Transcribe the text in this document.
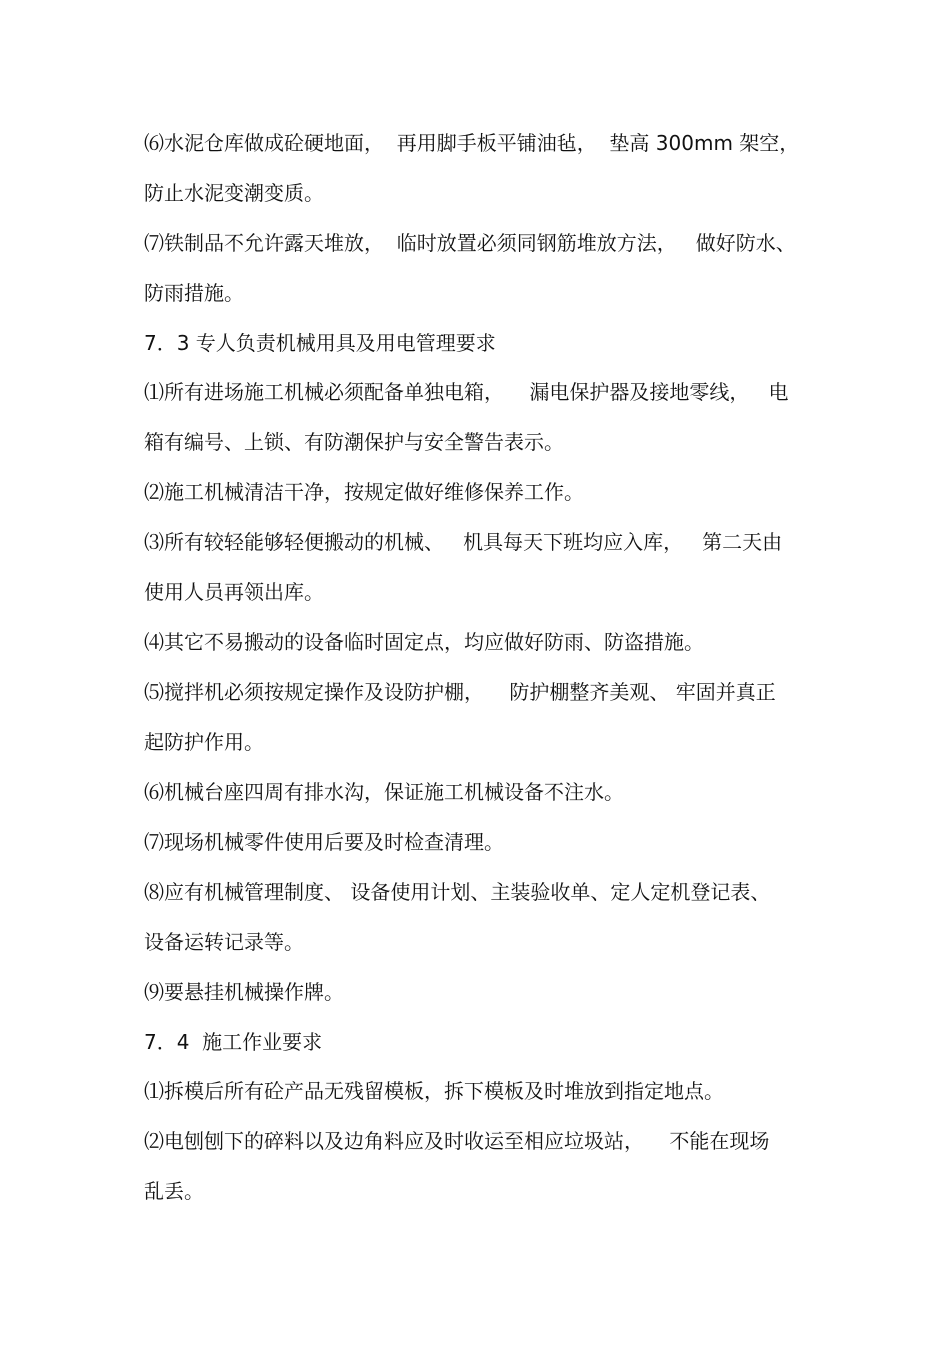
⑹水泥仓库做成砼硬地面，  再用脚手板平铺油毡，  垫高 300mm 架空，
防止水泥变潮变质。
⑺铁制品不允许露天堆放，  临时放置必须同钢筋堆放方法，   做好防水、
防雨措施。
7．3 专人负责机械用具及用电管理要求
⑴所有进场施工机械必须配备单独电箱，    漏电保护器及接地零线，   电
箱有编号、上锁、有防潮保护与安全警告表示。
⑵施工机械清洁干净，按规定做好维修保养工作。
⑶所有较轻能够轻便搬动的机械、   机具每天下班均应入库，   第二天由
使用人员再领出库。
⑷其它不易搬动的设备临时固定点，均应做好防雨、防盗措施。
⑸搅拌机必须按规定操作及设防护棚，    防护棚整齐美观、 牢固并真正
起防护作用。
⑹机械台座四周有排水沟，保证施工机械设备不注水。
⑺现场机械零件使用后要及时检查清理。
⑻应有机械管理制度、 设备使用计划、主装验收单、定人定机登记表、
设备运转记录等。
⑼要悬挂机械操作牌。
7．4  施工作业要求
⑴拆模后所有砼产品无残留模板，拆下模板及时堆放到指定地点。
⑵电刨刨下的碎料以及边角料应及时收运至相应垃圾站，    不能在现场
乱丢。
